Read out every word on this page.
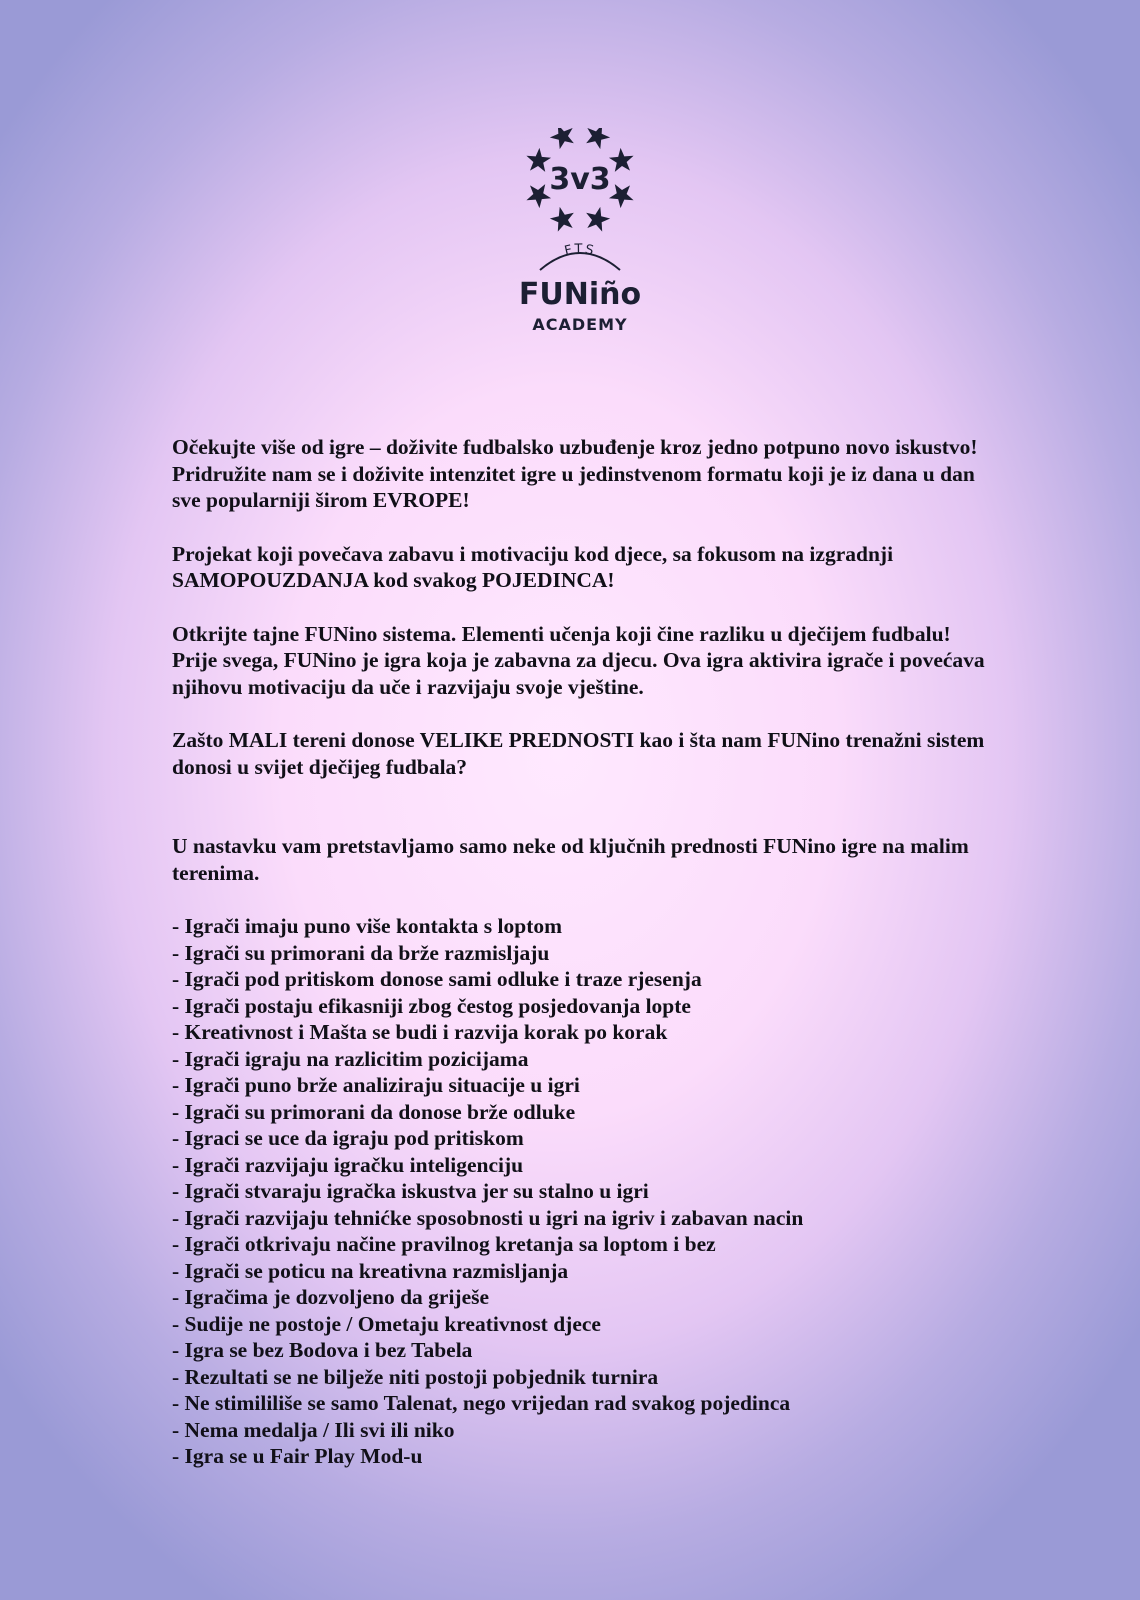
3v3
FTS
FUNiño
ACADEMY

Očekujte više od igre – doživite fudbalsko uzbuđenje kroz jedno potpuno novo iskustvo! Pridružite nam se i doživite intenzitet igre u jedinstvenom formatu koji je iz dana u dan sve popularniji širom EVROPE!

Projekat koji povečava zabavu i motivaciju kod djece, sa fokusom na izgradnji SAMOPOUZDANJA kod svakog POJEDINCA!

Otkrijte tajne FUNino sistema. Elementi učenja koji čine razliku u dječijem fudbalu! Prije svega, FUNino je igra koja je zabavna za djecu. Ova igra aktivira igrače i povećava njihovu motivaciju da uče i razvijaju svoje vještine.

Zašto MALI tereni donose VELIKE PREDNOSTI kao i šta nam FUNino trenažni sistem donosi u svijet dječijeg fudbala?

U nastavku vam pretstavljamo samo neke od ključnih prednosti FUNino igre na malim terenima.

- Igrači imaju puno više kontakta s loptom
- Igrači su primorani da brže razmisljaju
- Igrači pod pritiskom donose sami odluke i traze rjesenja
- Igrači postaju efikasniji zbog čestog posjedovanja lopte
- Kreativnost i Mašta se budi i razvija korak po korak
- Igrači igraju na razlicitim pozicijama
- Igrači puno brže analiziraju situacije u igri
- Igrači su primorani da donose brže odluke
- Igraci se uce da igraju pod pritiskom
- Igrači razvijaju igračku inteligenciju
- Igrači stvaraju igračka iskustva jer su stalno u igri
- Igrači razvijaju tehnićke sposobnosti u igri na igriv i zabavan nacin
- Igrači otkrivaju načine pravilnog kretanja sa loptom i bez
- Igrači se poticu na kreativna razmisljanja
- Igračima je dozvoljeno da griješe
- Sudije ne postoje / Ometaju kreativnost djece
- Igra se bez Bodova i bez Tabela
- Rezultati se ne bilježe niti postoji pobjednik turnira
- Ne stimililiše se samo Talenat, nego vrijedan rad svakog pojedinca
- Nema medalja / Ili svi ili niko
- Igra se u Fair Play Mod-u
